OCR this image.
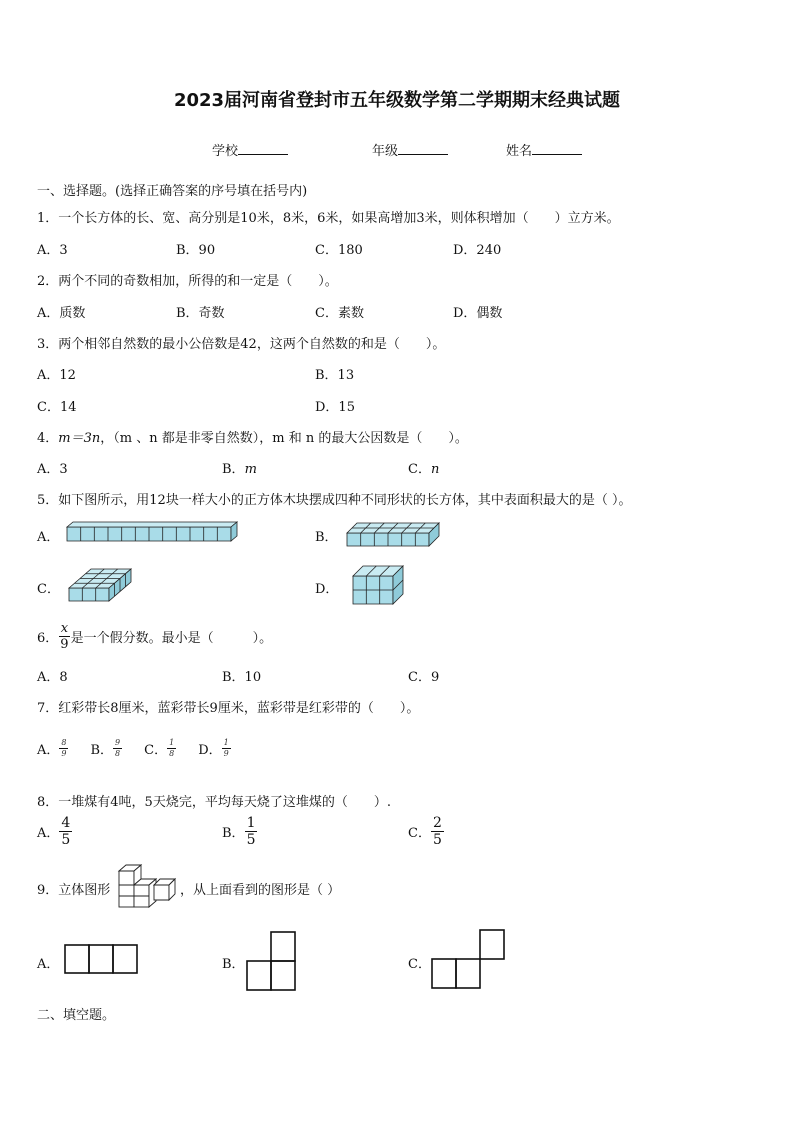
2023届河南省登封市五年级数学第二学期期末经典试题
学校	年级	姓名
一、选择题。(选择正确答案的序号填在括号内)
1．一个长方体的长、宽、高分别是10米，8米，6米，如果高增加3米，则体积增加（　　）立方米。
A．3	B．90	C．180	D．240
2．两个不同的奇数相加，所得的和一定是（　　）。
A．质数	B．奇数	C．素数	D．偶数
3．两个相邻自然数的最小公倍数是42，这两个自然数的和是（　　）。
A．12	B．13
C．14	D．15
4．m＝3n，（m 、n 都是非零自然数），m 和 n 的最大公因数是（　　）。
A．3	B．m	C．n
5．如下图所示，用12块一样大小的正方体木块摆成四种不同形状的长方体，其中表面积最大的是（ ）。
A．	B．
C．	D．
6． $\frac{x}{9}$ 是一个假分数。最小是（　　　）。
A．8	B．10	C．9
7．红彩带长8厘米，蓝彩带长9厘米，蓝彩带是红彩带的（　　）。
A． $\frac{8}{9}$ B． $\frac{9}{8}$ C． $\frac{1}{8}$ D． $\frac{1}{9}$
8．一堆煤有4吨，5天烧完，平均每天烧了这堆煤的（　　）.
A． $\frac{4}{5}$	B． $\frac{1}{5}$	C． $\frac{2}{5}$
9．立体图形	，从上面看到的图形是（ ）
A．	B．	C．
二、填空题。
